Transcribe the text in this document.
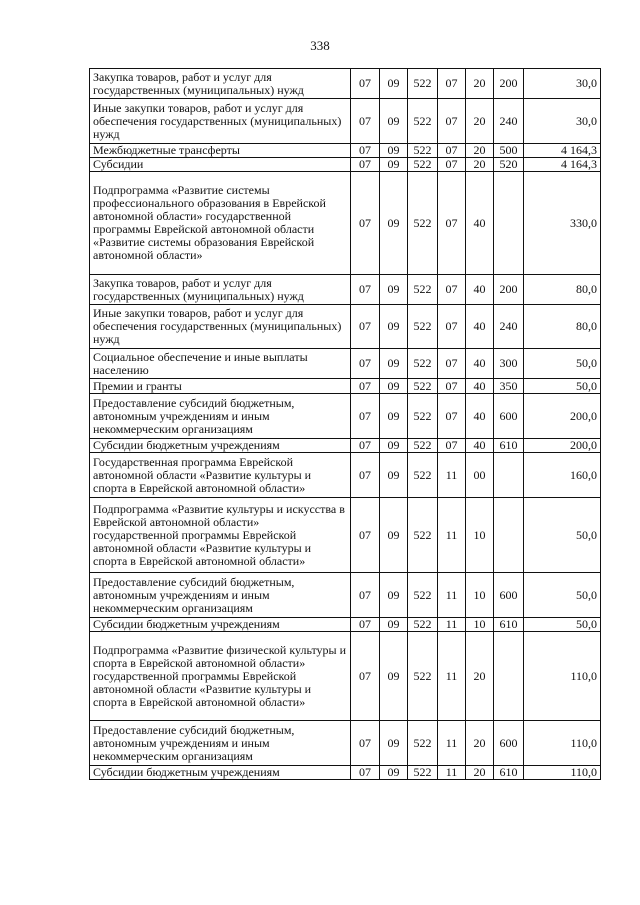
338
Закупка товаров, работ и услуг для государственных (муниципальных) нужд	07	09	522	07	20	200	30,0
Иные закупки товаров, работ и услуг для обеспечения государственных (муниципальных) нужд	07	09	522	07	20	240	30,0
Межбюджетные трансферты	07	09	522	07	20	500	4 164,3
Субсидии	07	09	522	07	20	520	4 164,3
Подпрограмма «Развитие системы профессионального образования в Еврейской автономной области» государственной программы Еврейской автономной области «Развитие системы образования Еврейской автономной области»	07	09	522	07	40		330,0
Закупка товаров, работ и услуг для государственных (муниципальных) нужд	07	09	522	07	40	200	80,0
Иные закупки товаров, работ и услуг для обеспечения государственных (муниципальных) нужд	07	09	522	07	40	240	80,0
Социальное обеспечение и иные выплаты населению	07	09	522	07	40	300	50,0
Премии и гранты	07	09	522	07	40	350	50,0
Предоставление субсидий бюджетным, автономным учреждениям и иным некоммерческим организациям	07	09	522	07	40	600	200,0
Субсидии бюджетным учреждениям	07	09	522	07	40	610	200,0
Государственная программа Еврейской автономной области «Развитие культуры и спорта в Еврейской автономной области»	07	09	522	11	00		160,0
Подпрограмма «Развитие культуры и искусства в Еврейской автономной области» государственной программы Еврейской автономной области «Развитие культуры и спорта в Еврейской автономной области»	07	09	522	11	10		50,0
Предоставление субсидий бюджетным, автономным учреждениям и иным некоммерческим организациям	07	09	522	11	10	600	50,0
Субсидии бюджетным учреждениям	07	09	522	11	10	610	50,0
Подпрограмма «Развитие физической культуры и спорта в Еврейской автономной области» государственной программы Еврейской автономной области «Развитие культуры и спорта в Еврейской автономной области»	07	09	522	11	20		110,0
Предоставление субсидий бюджетным, автономным учреждениям и иным некоммерческим организациям	07	09	522	11	20	600	110,0
Субсидии бюджетным учреждениям	07	09	522	11	20	610	110,0
